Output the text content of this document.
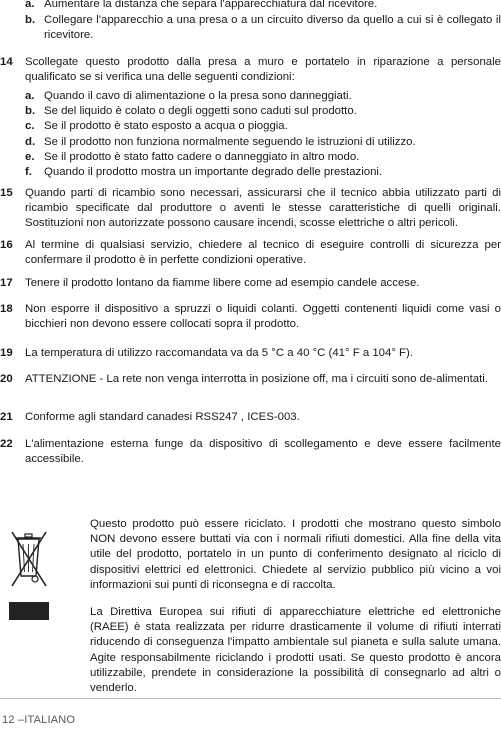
a. Aumentare la distanza che separa l'apparecchiatura dal ricevitore.
b. Collegare l'apparecchio a una presa o a un circuito diverso da quello a cui si è collegato il ricevitore.
14	Scollegate questo prodotto dalla presa a muro e portatelo in riparazione a personale qualificato se si verifica una delle seguenti condizioni:
a. Quando il cavo di alimentazione o la presa sono danneggiati.
b. Se del liquido è colato o degli oggetti sono caduti sul prodotto.
c. Se il prodotto è stato esposto a acqua o pioggia.
d. Se il prodotto non funziona normalmente seguendo le istruzioni di utilizzo.
e. Se il prodotto è stato fatto cadere o danneggiato in altro modo.
f. Quando il prodotto mostra un importante degrado delle prestazioni.
15	Quando parti di ricambio sono necessari, assicurarsi che il tecnico abbia utilizzato parti di ricambio specificate dal produttore o aventi le stesse caratteristiche di quelli originali. Sostituzioni non autorizzate possono causare incendi, scosse elettriche o altri pericoli.
16	Al termine di qualsiasi servizio, chiedere al tecnico di eseguire controlli di sicurezza per confermare il prodotto è in perfette condizioni operative.
17	Tenere il prodotto lontano da fiamme libere come ad esempio candele accese.
18	Non esporre il dispositivo a spruzzi o liquidi colanti. Oggetti contenenti liquidi come vasi o bicchieri non devono essere collocati sopra il prodotto.
19	La temperatura di utilizzo raccomandata va da 5 °C a 40 °C (41° F a 104° F).
20	ATTENZIONE - La rete non venga interrotta in posizione off, ma i circuiti sono de-alimentati.
21	Conforme agli standard canadesi RSS247 , ICES-003.
22	L'alimentazione esterna funge da dispositivo di scollegamento e deve essere facilmente accessibile.
Questo prodotto può essere riciclato. I prodotti che mostrano questo simbolo NON devono essere buttati via con i normali rifiuti domestici. Alla fine della vita utile del prodotto, portatelo in un punto di conferimento designato al riciclo di dispositivi elettrici ed elettronici. Chiedete al servizio pubblico più vicino a voi informazioni sui punti di riconsegna e di raccolta.
La Direttiva Europea sui rifiuti di apparecchiature elettriche ed elettroniche (RAEE) è stata realizzata per ridurre drasticamente il volume di rifiuti interrati riducendo di conseguenza l'impatto ambientale sul pianeta e sulla salute umana. Agite responsabilmente riciclando i prodotti usati. Se questo prodotto è ancora utilizzabile, prendete in considerazione la possibilità di consegnarlo ad altri o venderlo.
12 –ITALIANO
